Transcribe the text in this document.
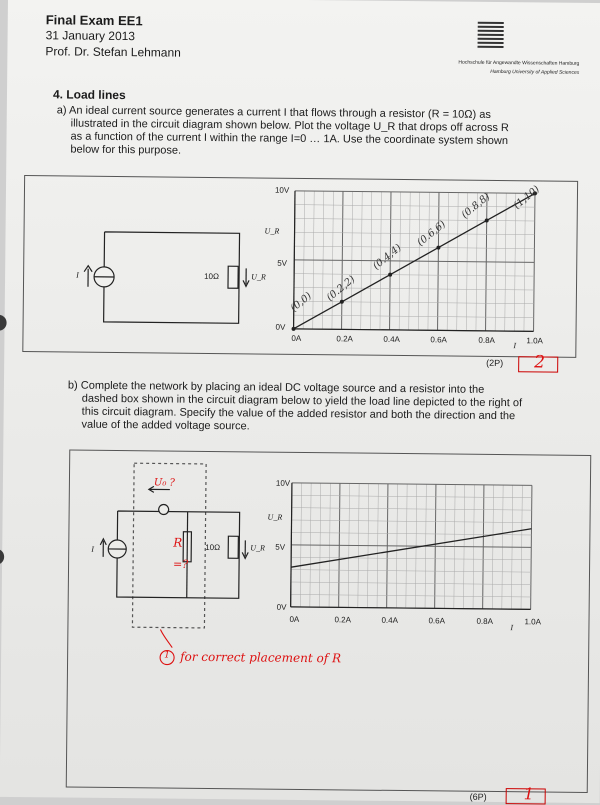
Final Exam EE1
31 January 2013
Prof. Dr. Stefan Lehmann
Hochschule für Angewandte Wissenschaften Hamburg
Hamburg University of Applied Sciences
4. Load lines
a) An ideal current source generates a current I that flows through a resistor (R = 10Ω) as
illustrated in the circuit diagram shown below. Plot the voltage U_R that drops off across R
as a function of the current I within the range I=0 … 1A. Use the coordinate system shown
below for this purpose.
I	10Ω	U_R
10V
U_R
5V
0V
0A	0.2A	0.4A	0.6A	0.8A
I
1.0A
(0,0) (0.2,2)
(0.4,4)
(0.6,6)
(0.8,8) (1,10)
(2P) 2
b) Complete the network by placing an ideal DC voltage source and a resistor into the
dashed box shown in the circuit diagram below to yield the load line depicted to the right of
this circuit diagram. Specify the value of the added resistor and both the direction and the
value of the added voltage source.
I	10Ω	U_R
U₀ ?
R
=?
1 for correct placement of R
10V
U_R
5V
0V
0A	0.2A	0.4A	0.6A	0.8A
I
1.0A
(6P) 1
